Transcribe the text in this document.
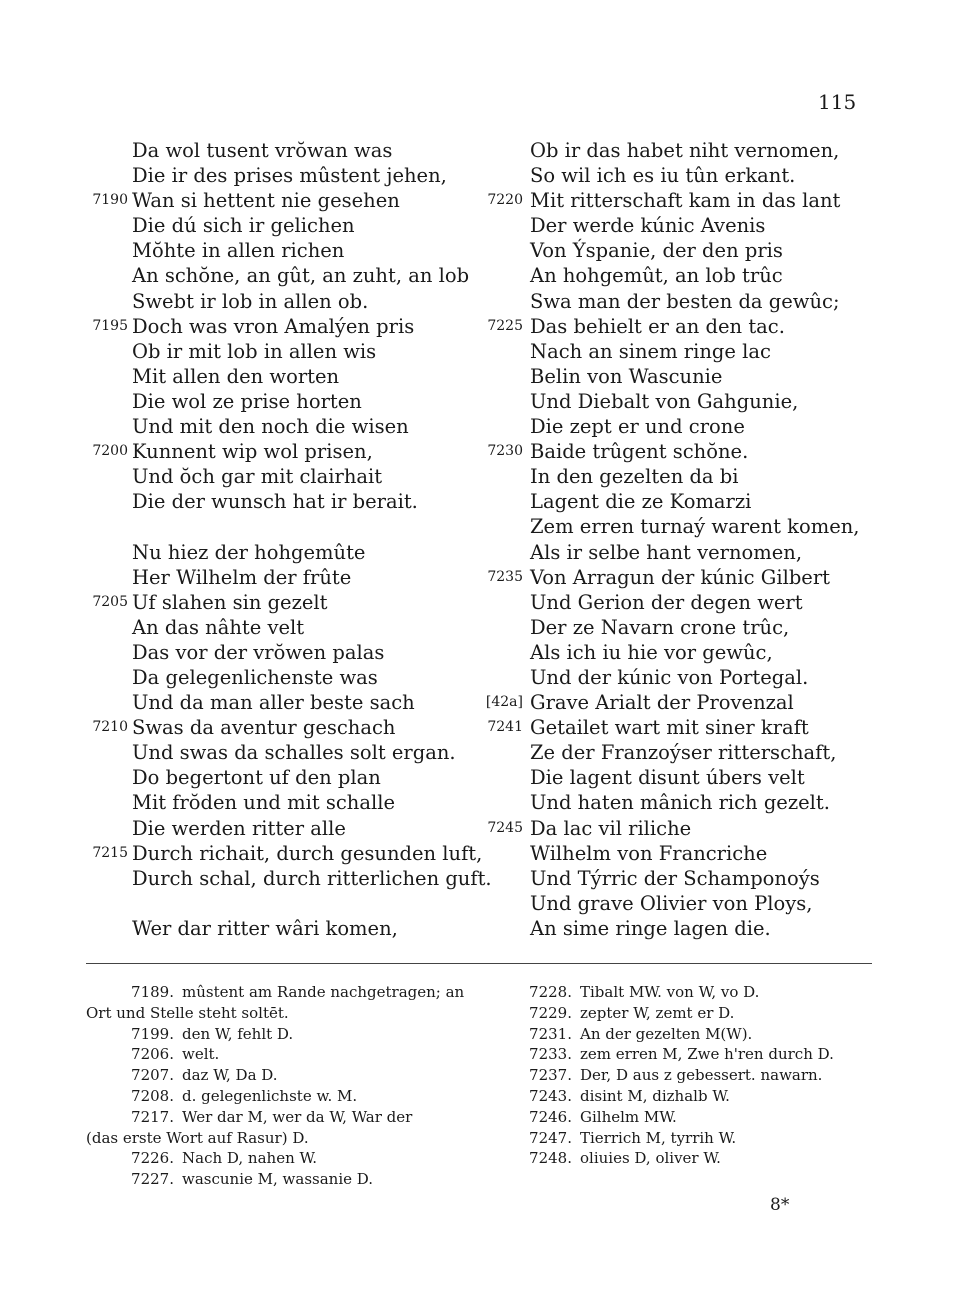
115
Da wol tusent vrŏwan was
Die ir des prises mûstent jehen,
7190 Wan si hettent nie gesehen
Die dú sich ir gelichen
Mŏhte in allen richen
An schŏne, an gût, an zuht, an lob
Swebt ir lob in allen ob.
7195 Doch was vron Amalýen pris
Ob ir mit lob in allen wis
Mit allen den worten
Die wol ze prise horten
Und mit den noch die wisen
7200 Kunnent wip wol prisen,
Und ŏch gar mit clairhait
Die der wunsch hat ir berait.
Nu hiez der hohgemûte
Her Wilhelm der frûte
7205 Uf slahen sin gezelt
An das nâhte velt
Das vor der vrŏwen palas
Da gelegenlichenste was
Und da man aller beste sach
7210 Swas da aventur geschach
Und swas da schalles solt ergan.
Do begertont uf den plan
Mit frŏden und mit schalle
Die werden ritter alle
7215 Durch richait, durch gesunden luft,
Durch schal, durch ritterlichen guft.
Wer dar ritter wâri komen,
Ob ir das habet niht vernomen,
So wil ich es iu tûn erkant.
7220 Mit ritterschaft kam in das lant
Der werde kúnic Avenis
Von Ýspanie, der den pris
An hohgemût, an lob trûc
Swa man der besten da gewûc;
7225 Das behielt er an den tac.
Nach an sinem ringe lac
Belin von Wascunie
Und Diebalt von Gahgunie,
Die zept er und crone
7230 Baide trûgent schŏne.
In den gezelten da bi
Lagent die ze Komarzi
Zem erren turnaý warent komen,
Als ir selbe hant vernomen,
7235 Von Arragun der kúnic Gilbert
Und Gerion der degen wert
Der ze Navarn crone trûc,
Als ich iu hie vor gewûc,
Und der kúnic von Portegal.
[42a] Grave Arialt der Provenzal
7241 Getailet wart mit siner kraft
Ze der Franzoýser ritterschaft,
Die lagent disunt úbers velt
Und haten mânich rich gezelt.
7245 Da lac vil riliche
Wilhelm von Francriche
Und Týrric der Schamponoýs
Und grave Olivier von Ploys,
An sime ringe lagen die.
7189. mûstent am Rande nachgetragen; an
Ort und Stelle steht soltēt.
7199. den W, fehlt D.
7206. welt.
7207. daz W, Da D.
7208. d. gelegenlichste w. M.
7217. Wer dar M, wer da W, War der
(das erste Wort auf Rasur) D.
7226. Nach D, nahen W.
7227. wascunie M, wassanie D.
7228. Tibalt MW. von W, vo D.
7229. zepter W, zemt er D.
7231. An der gezelten M(W).
7233. zem erren M, Zwe h'ren durch D.
7237. Der, D aus z gebessert. nawarn.
7243. disint M, dizhalb W.
7246. Gilhelm MW.
7247. Tierrich M, tyrrih W.
7248. oliuies D, oliver W.
8*
